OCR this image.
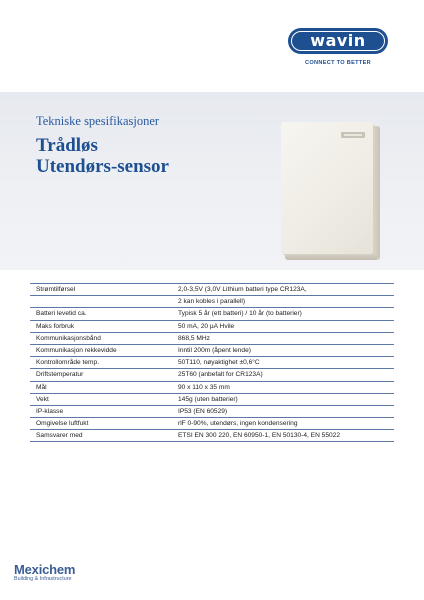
wavin
CONNECT TO BETTER
Tekniske spesifikasjoner
Trådløs
Utendørs-sensor
Strømtilførsel	2,0-3,5V (3,0V Lithium batteri type CR123A,
	2 kan kobles i parallell)
Batteri levetid ca.	Typisk 5 år (ett batteri) / 10 år (to batterier)
Maks forbruk	50 mA, 20 µA Hvile
Kommunikasjonsbånd	868,5 MHz
Kommunikasjon rekkevidde	Inntil 200m (åpent lende)
Kontrollområde temp.	50T110, nøyaktighet ±0,6°C
Driftstemperatur	25T60 (anbefalt for CR123A)
Mål	90 x 110 x 35 mm
Vekt	145g (uten batterier)
IP-klasse	IP53 (EN 60529)
Omgivelse luftfukt	rlF 0-90%, utendørs, ingen kondensering
Samsvarer med	ETSI EN 300 220, EN 60950-1, EN 50130-4, EN 55022
Mexichem
Building & Infrastructure
